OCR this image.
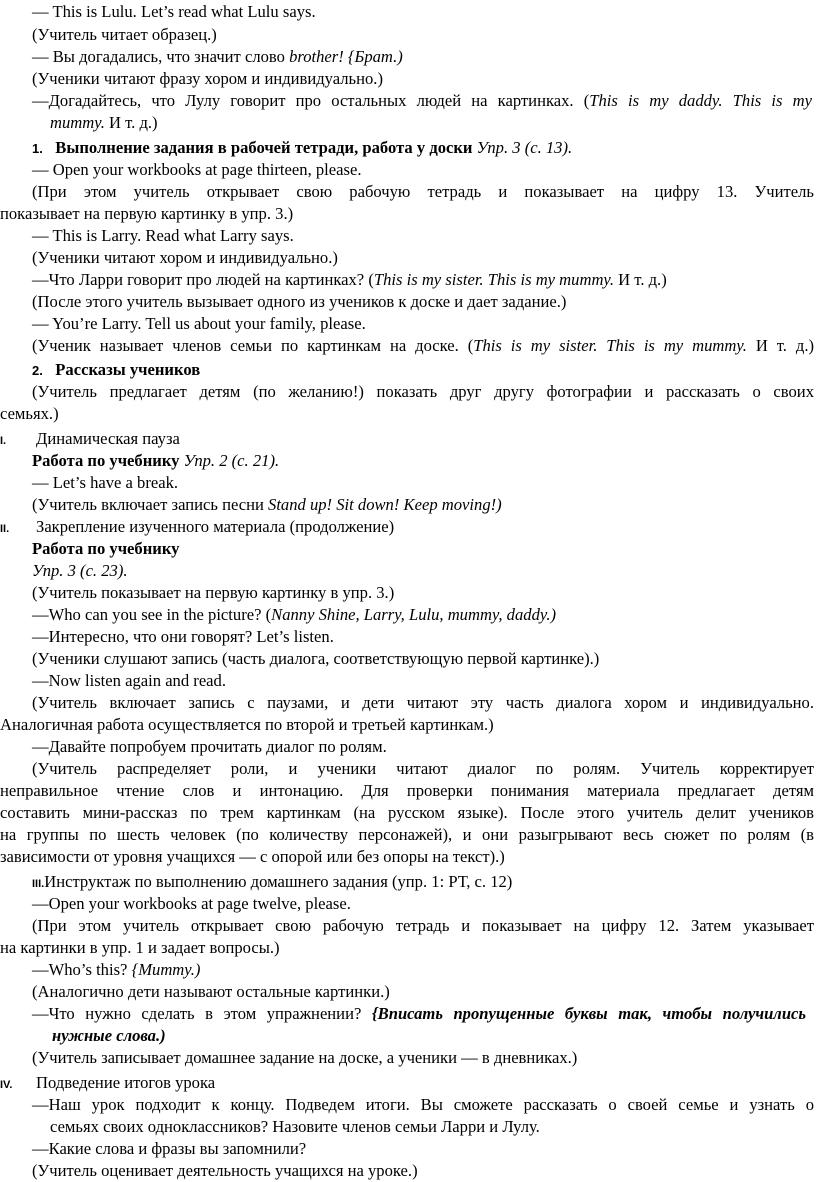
— This is Lulu. Let’s read what Lulu says.
(Учитель читает образец.)
— Вы догадались, что значит слово brother! {Брат.)
(Ученики читают фразу хором и индивидуально.)
—Догадайтесь, что Лулу говорит про остальных людей на картинках. (This is my daddy. This is my
mummy. И т. д.)
1. Выполнение задания в рабочей тетради, работа у доски Упр. 3 (с. 13).
— Open your workbooks at page thirteen, please.
(При этом учитель открывает свою рабочую тетрадь и показывает на цифру 13. Учитель
показывает на первую картинку в упр. 3.)
— This is Larry. Read what Larry says.
(Ученики читают хором и индивидуально.)
—Что Ларри говорит про людей на картинках? (This is my sister. This is my mummy. И т. д.)
(После этого учитель вызывает одного из учеников к доске и дает задание.)
— You’re Larry. Tell us about your family, please.
(Ученик называет членов семьи по картинкам на доске. (This is my sister. This is my mummy. И т. д.)
2. Рассказы учеников
(Учитель предлагает детям (по желанию!) показать друг другу фотографии и рассказать о своих
семьях.)
I. Динамическая пауза
Работа по учебнику Упр. 2 (с. 21).
— Let’s have a break.
(Учитель включает запись песни Stand up! Sit down! Keep moving!)
II. Закрепление изученного материала (продолжение)
Работа по учебнику
Упр. 3 (с. 23).
(Учитель показывает на первую картинку в упр. 3.)
—Who can you see in the picture? (Nanny Shine, Larry, Lulu, mummy, daddy.)
—Интересно, что они говорят? Let’s listen.
(Ученики слушают запись (часть диалога, соответствующую первой картинке).)
—Now listen again and read.
(Учитель включает запись с паузами, и дети читают эту часть диалога хором и индивидуально.
Аналогичная работа осуществляется по второй и третьей картинкам.)
—Давайте попробуем прочитать диалог по ролям.
(Учитель распределяет роли, и ученики читают диалог по ролям. Учитель корректирует
неправильное чтение слов и интонацию. Для проверки понимания материала предлагает детям
составить мини-рассказ по трем картинкам (на русском языке). После этого учитель делит учеников
на группы по шесть человек (по количеству персонажей), и они разыгрывают весь сюжет по ролям (в
зависимости от уровня учащихся — с опорой или без опоры на текст).)
III.Инструктаж по выполнению домашнего задания (упр. 1: РТ, с. 12)
—Open your workbooks at page twelve, please.
(При этом учитель открывает свою рабочую тетрадь и показывает на цифру 12. Затем указывает
на картинки в упр. 1 и задает вопросы.)
—Who’s this? {Mummy.)
(Аналогично дети называют остальные картинки.)
—Что нужно сделать в этом упражнении? {Вписать пропущенные буквы так, чтобы получились
нужные слова.)
(Учитель записывает домашнее задание на доске, а ученики — в дневниках.)
IV. Подведение итогов урока
—Наш урок подходит к концу. Подведем итоги. Вы сможете рассказать о своей семье и узнать о
семьях своих одноклассников? Назовите членов семьи Ларри и Лулу.
—Какие слова и фразы вы запомнили?
(Учитель оценивает деятельность учащихся на уроке.)
